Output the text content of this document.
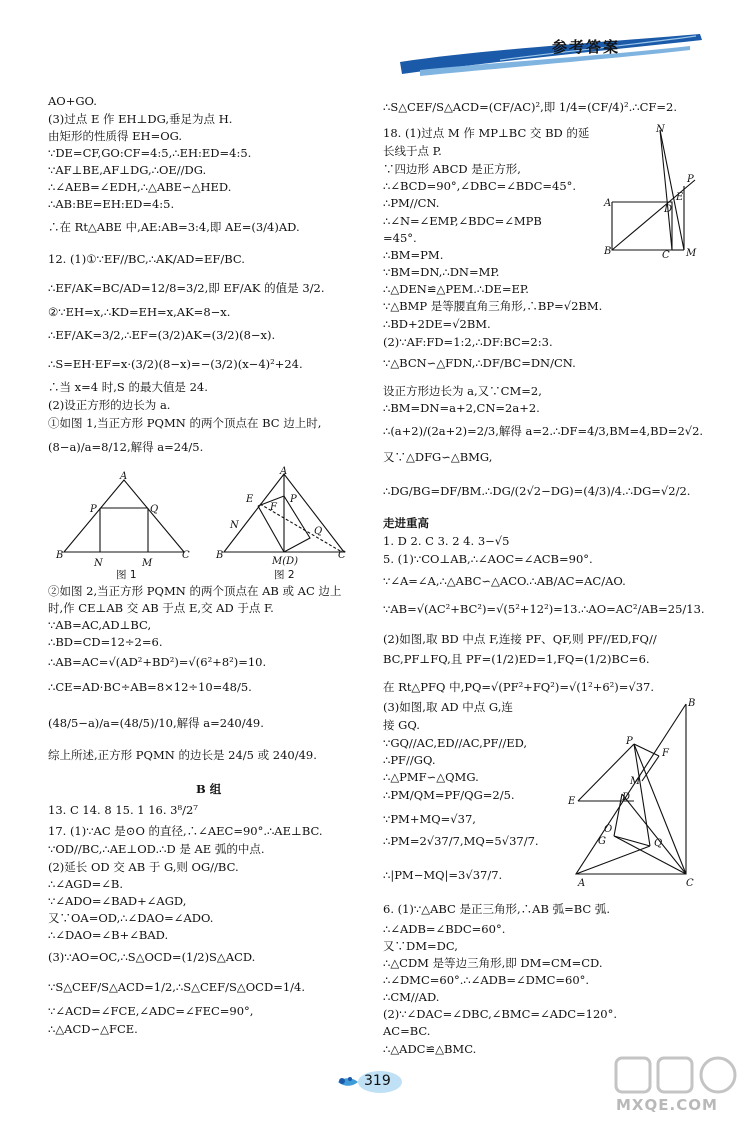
参考答案
AO+GO.
(3)过点 E 作 EH⊥DG,垂足为点 H.
由矩形的性质得 EH=OG.
∵DE=CF,GO:CF=4:5,∴EH:ED=4:5.
∵AF⊥BE,AF⊥DG,∴OE//DG.
∴∠AEB=∠EDH,∴△ABE∽△HED.
∴AB:BE=EH:ED=4:5.
∴在 Rt△ABE 中,AE:AB=3:4,即 AE=(3/4)AD.
12. (1)①∵EF//BC,∴AK/AD=EF/BC.
∴EF/AK=BC/AD=12/8=3/2,即 EF/AK 的值是 3/2.
②∵EH=x,∴KD=EH=x,AK=8−x.
∴EF/AK=3/2,∴EF=(3/2)AK=(3/2)(8−x).
∴S=EH·EF=x·(3/2)(8−x)=−(3/2)(x−4)²+24.
∴当 x=4 时,S 的最大值是 24.
(2)设正方形的边长为 a.
①如图 1,当正方形 PQMN 的两个顶点在 BC 边上时,
(8−a)/a=8/12,解得 a=24/5.
A
P	Q
B
N	M
C
图 1
A
E
F
N
Q
P
B
M(D)
C
图 2
②如图 2,当正方形 PQMN 的两个顶点在 AB 或 AC 边上
时,作 CE⊥AB 交 AB 于点 E,交 AD 于点 F.
∵AB=AC,AD⊥BC,
∴BD=CD=12÷2=6.
∴AB=AC=√(AD²+BD²)=√(6²+8²)=10.
∴CE=AD·BC÷AB=8×12÷10=48/5.
(48/5−a)/a=(48/5)/10,解得 a=240/49.
综上所述,正方形 PQMN 的边长是 24/5 或 240/49.
B 组
13. C 14. 8 15. 1 16. 3⁸/2⁷
17. (1)∵AC 是⊙O 的直径,∴∠AEC=90°.∴AE⊥BC.
∵OD//BC,∴AE⊥OD.∴D 是 AE 弧的中点.
(2)延长 OD 交 AB 于 G,则 OG//BC.
∴∠AGD=∠B.
∵∠ADO=∠BAD+∠AGD,
又∵OA=OD,∴∠DAO=∠ADO.
∴∠DAO=∠B+∠BAD.
(3)∵AO=OC,∴S△OCD=(1/2)S△ACD.
∵S△CEF/S△ACD=1/2,∴S△CEF/S△OCD=1/4.
∵∠ACD=∠FCE,∠ADC=∠FEC=90°,
∴△ACD∽△FCE.
∴S△CEF/S△ACD=(CF/AC)²,即 1/4=(CF/4)².∴CF=2.
18. (1)过点 M 作 MP⊥BC 交 BD 的延
长线于点 P.
∵四边形 ABCD 是正方形,
∴∠BCD=90°,∠DBC=∠BDC=45°.
∴PM//CN.
∴∠N=∠EMP,∠BDC=∠MPB
=45°.
∴BM=PM.
∵BM=DN,∴DN=MP.
∴△DEN≌△PEM.∴DE=EP.
∵△BMP 是等腰直角三角形,∴BP=√2BM.
∴BD+2DE=√2BM.
(2)∵AF:FD=1:2,∴DF:BC=2:3.
∵△BCN∽△FDN,∴DF/BC=DN/CN.
设正方形边长为 a,又∵CM=2,
∴BM=DN=a+2,CN=2a+2.
∴(a+2)/(2a+2)=2/3,解得 a=2.∴DF=4/3,BM=4,BD=2√2.
又∵△DFG∽△BMG,
∴DG/BG=DF/BM.∴DG/(2√2−DG)=(4/3)/4.∴DG=√2/2.
走进重高
1. D 2. C 3. 2 4. 3−√5
5. (1)∵CO⊥AB,∴∠AOC=∠ACB=90°.
∵∠A=∠A,∴△ABC∽△ACO.∴AB/AC=AC/AO.
∵AB=√(AC²+BC²)=√(5²+12²)=13.∴AO=AC²/AB=25/13.
(2)如图,取 BD 中点 F,连接 PF、QF,则 PF//ED,FQ//
BC,PF⊥FQ,且 PF=(1/2)ED=1,FQ=(1/2)BC=6.
在 Rt△PFQ 中,PQ=√(PF²+FQ²)=√(1²+6²)=√37.
(3)如图,取 AD 中点 G,连
接 GQ.
∵GQ//AC,ED//AC,PF//ED,
∴PF//GQ.
∴△PMF∽△QMG.
∴PM/QM=PF/QG=2/5.
∵PM+MQ=√37,
∴PM=2√37/7,MQ=5√37/7.
∴|PM−MQ|=3√37/7.
6. (1)∵△ABC 是正三角形,∴AB 弧=BC 弧.
∴∠ADB=∠BDC=60°.
又∵DM=DC,
∴△CDM 是等边三角形,即 DM=CM=CD.
∴∠DMC=60°.∴∠ADB=∠DMC=60°.
∴CM//AD.
(2)∵∠DAC=∠DBC,∠BMC=∠ADC=120°.
AC=BC.
∴△ADC≌△BMC.
N
P
A
D
E
B	C M
B
P
F
M
E	D
O
G	Q
A	C
319
MXQE.COM
